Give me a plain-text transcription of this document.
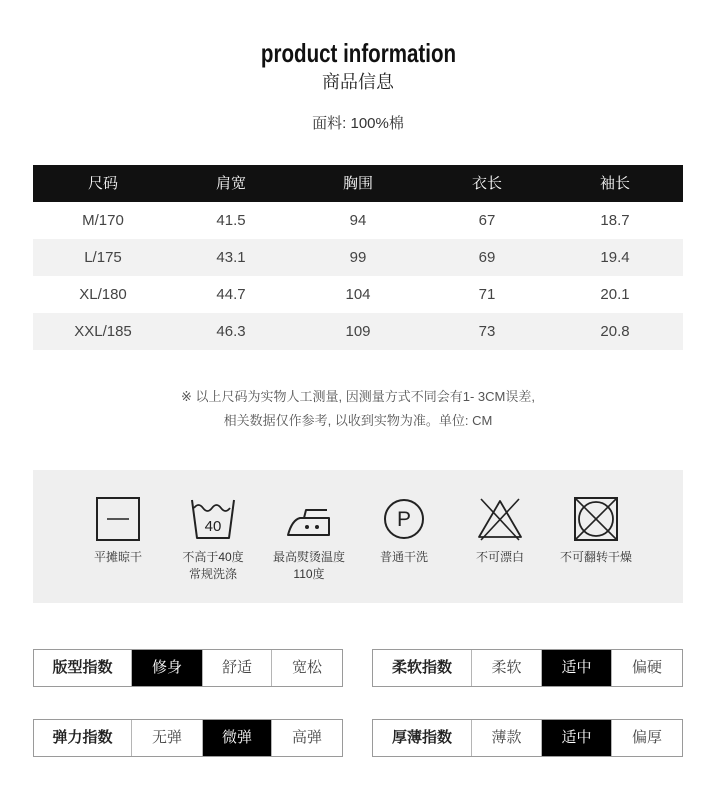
product information
商品信息
面料: 100%棉
尺码	肩宽	胸围	衣长	袖长
M/170	41.5	94	67	18.7
L/175	43.1	99	69	19.4
XL/180	44.7	104	71	20.1
XXL/185	46.3	109	73	20.8
※ 以上尺码为实物人工测量, 因测量方式不同会有1- 3CM误差,
相关数据仅作参考, 以收到实物为准。单位: CM
平摊晾干
40
不高于40度
常规洗涤
最高熨烫温度
110度
P
普通干洗	不可漂白	不可翻转干燥
版型指数	修身	舒适	宽松	柔软指数	柔软	适中	偏硬
弹力指数	无弹	微弹	高弹	厚薄指数	薄款	适中	偏厚
